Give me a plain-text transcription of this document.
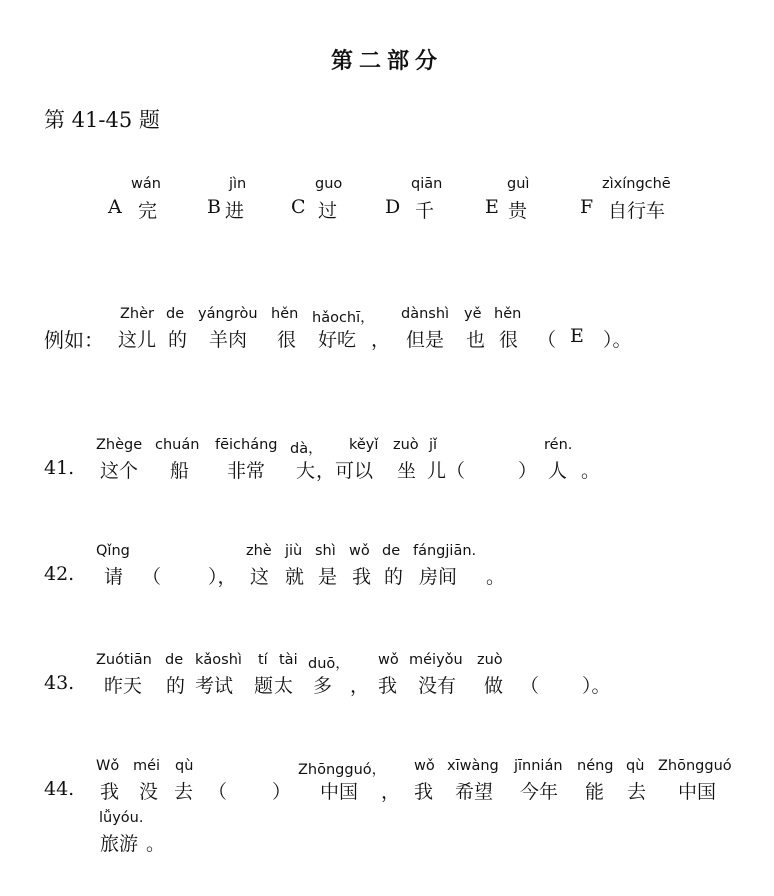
第二部分
第 41-45 题
wán
A 完
jìn
B 进
guo
C 过
qiān
D 千
guì
E 贵
zìxíngchē
F 自行车
Zhèr de yángròu hěn hǎochī， dànshì yě hěn
例如： 这儿 的 羊肉 很 好吃 ， 但是 也 很 （ E ）。
Zhège chuán fēicháng dà， kěyǐ zuò jǐ	rén.
41. 这个 船 非常 大 ，可以 坐 儿（	） 人 。
Qǐng	zhè jiù shì wǒ de fángjiān.
42. 请 （ ）， 这 就 是 我 的 房间 。
Zuótiān de kǎoshì tí tài duō， wǒ méiyǒu zuò
43. 昨天 的 考试 题 太 多 ， 我 没有 做 （ ）。
Wǒ méi qù	Zhōngguó， wǒ xīwàng jīnnián néng qù Zhōngguó
44. 我 没 去 （ ） 中国 ， 我 希望 今年 能 去 中国
lǚyóu.
旅游 。
